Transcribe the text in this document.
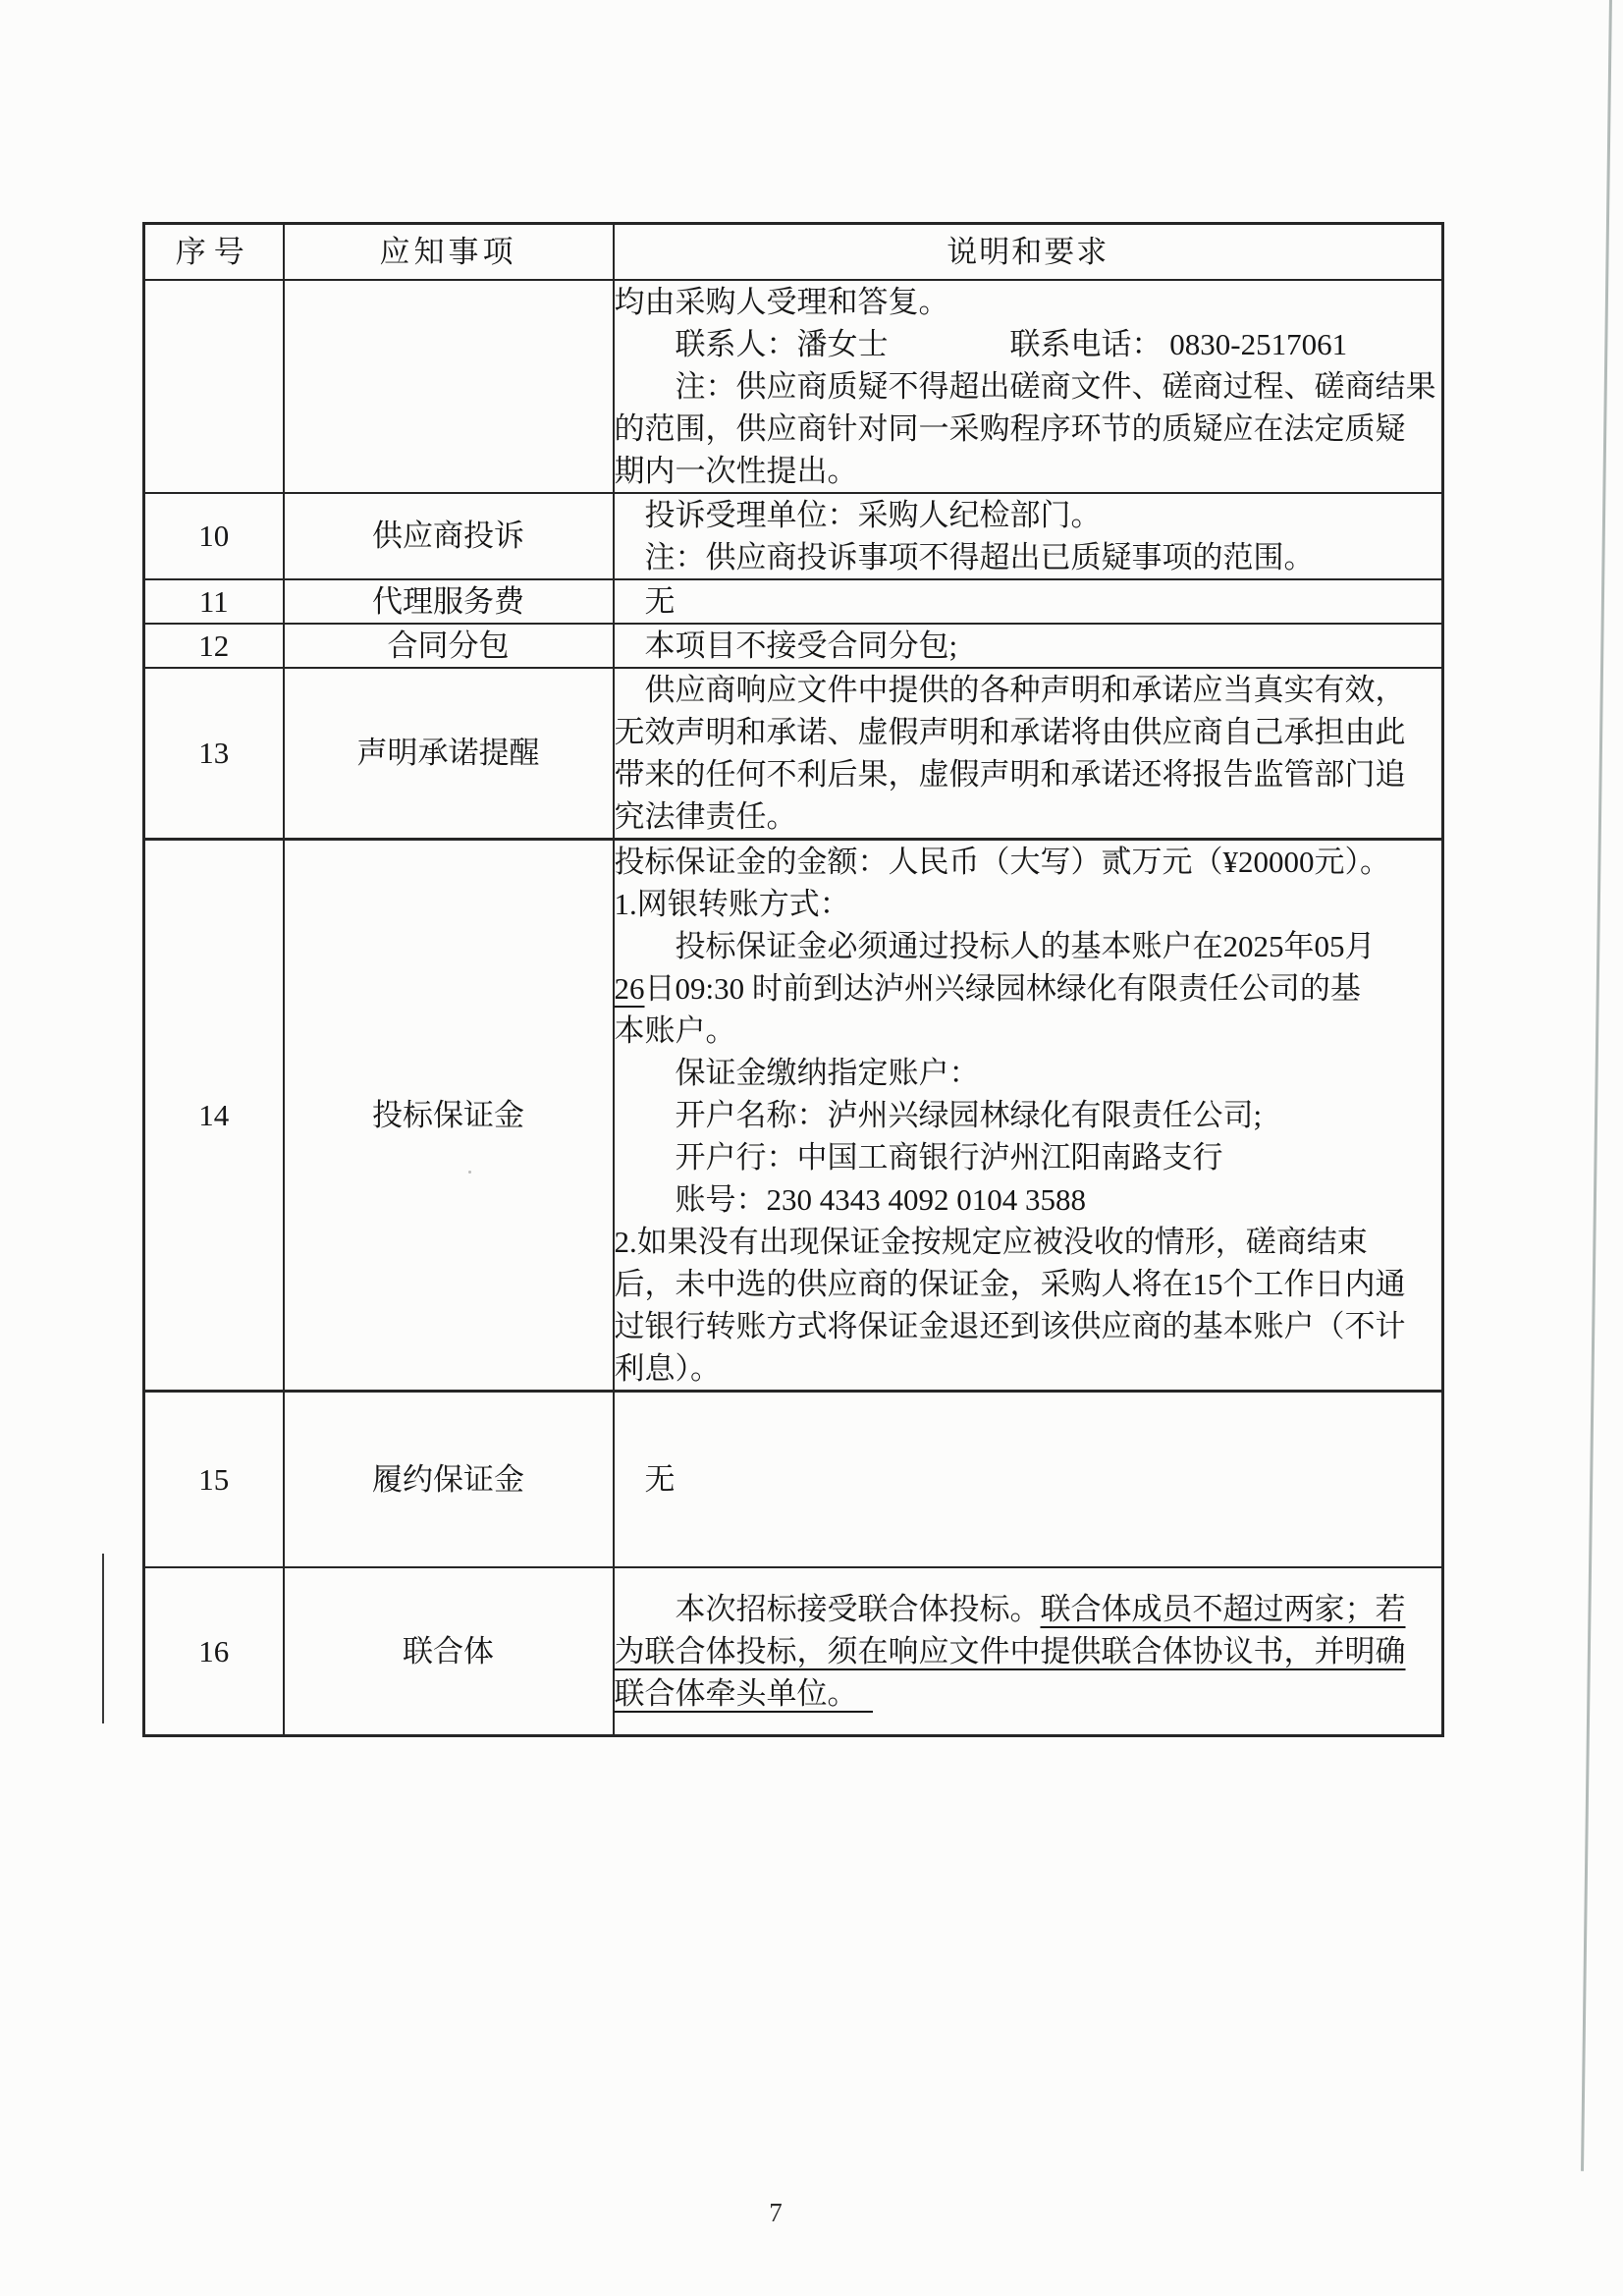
序号	应知事项	说明和要求

		均由采购人受理和答复。
联系人：潘女士　　　　联系电话： 0830-2517061
注：供应商质疑不得超出磋商文件、磋商过程、磋商结果
的范围，供应商针对同一采购程序环节的质疑应在法定质疑
期内一次性提出。

10	供应商投诉	投诉受理单位：采购人纪检部门。
注：供应商投诉事项不得超出已质疑事项的范围。

11	代理服务费	无

12	合同分包	本项目不接受合同分包;

13	声明承诺提醒	供应商响应文件中提供的各种声明和承诺应当真实有效，
无效声明和承诺、虚假声明和承诺将由供应商自己承担由此
带来的任何不利后果，虚假声明和承诺还将报告监管部门追
究法律责任。

14	投标保证金	
投标保证金的金额：人民币（大写）贰万元（¥20000元）。
1.网银转账方式：
投标保证金必须通过投标人的基本账户在2025年05月
26日09:30 时前到达泸州兴绿园林绿化有限责任公司的基
本账户。
保证金缴纳指定账户：
开户名称：泸州兴绿园林绿化有限责任公司;
开户行：中国工商银行泸州江阳南路支行
账号：230 4343 4092 0104 3588
2.如果没有出现保证金按规定应被没收的情形，磋商结束
后，未中选的供应商的保证金，采购人将在15个工作日内通
过银行转账方式将保证金退还到该供应商的基本账户（不计
利息）。

15	履约保证金	无

16	联合体	本次招标接受联合体投标。联合体成员不超过两家；若
为联合体投标，须在响应文件中提供联合体协议书，并明确
联合体牵头单位。　
7
